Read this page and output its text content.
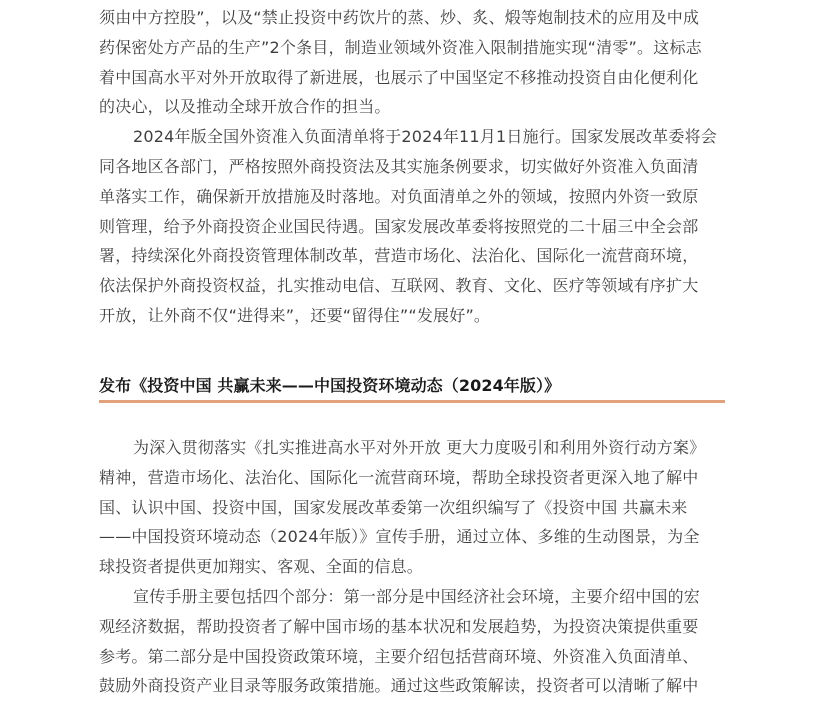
须由中方控股”，以及“禁止投资中药饮片的蒸、炒、炙、煅等炮制技术的应用及中成
药保密处方产品的生产”2个条目，制造业领域外资准入限制措施实现“清零”。这标志
着中国高水平对外开放取得了新进展，也展示了中国坚定不移推动投资自由化便利化
的决心，以及推动全球开放合作的担当。
2024年版全国外资准入负面清单将于2024年11月1日施行。国家发展改革委将会
同各地区各部门，严格按照外商投资法及其实施条例要求，切实做好外资准入负面清
单落实工作，确保新开放措施及时落地。对负面清单之外的领域，按照内外资一致原
则管理，给予外商投资企业国民待遇。国家发展改革委将按照党的二十届三中全会部
署，持续深化外商投资管理体制改革，营造市场化、法治化、国际化一流营商环境，
依法保护外商投资权益，扎实推动电信、互联网、教育、文化、医疗等领域有序扩大
开放，让外商不仅“进得来”，还要“留得住”“发展好”。
发布《投资中国 共赢未来——中国投资环境动态（2024年版）》
为深入贯彻落实《扎实推进高水平对外开放 更大力度吸引和利用外资行动方案》
精神，营造市场化、法治化、国际化一流营商环境，帮助全球投资者更深入地了解中
国、认识中国、投资中国，国家发展改革委第一次组织编写了《投资中国 共赢未来
——中国投资环境动态（2024年版）》宣传手册，通过立体、多维的生动图景，为全
球投资者提供更加翔实、客观、全面的信息。
宣传手册主要包括四个部分：第一部分是中国经济社会环境，主要介绍中国的宏
观经济数据，帮助投资者了解中国市场的基本状况和发展趋势，为投资决策提供重要
参考。第二部分是中国投资政策环境，主要介绍包括营商环境、外资准入负面清单、
鼓励外商投资产业目录等服务政策措施。通过这些政策解读，投资者可以清晰了解中
